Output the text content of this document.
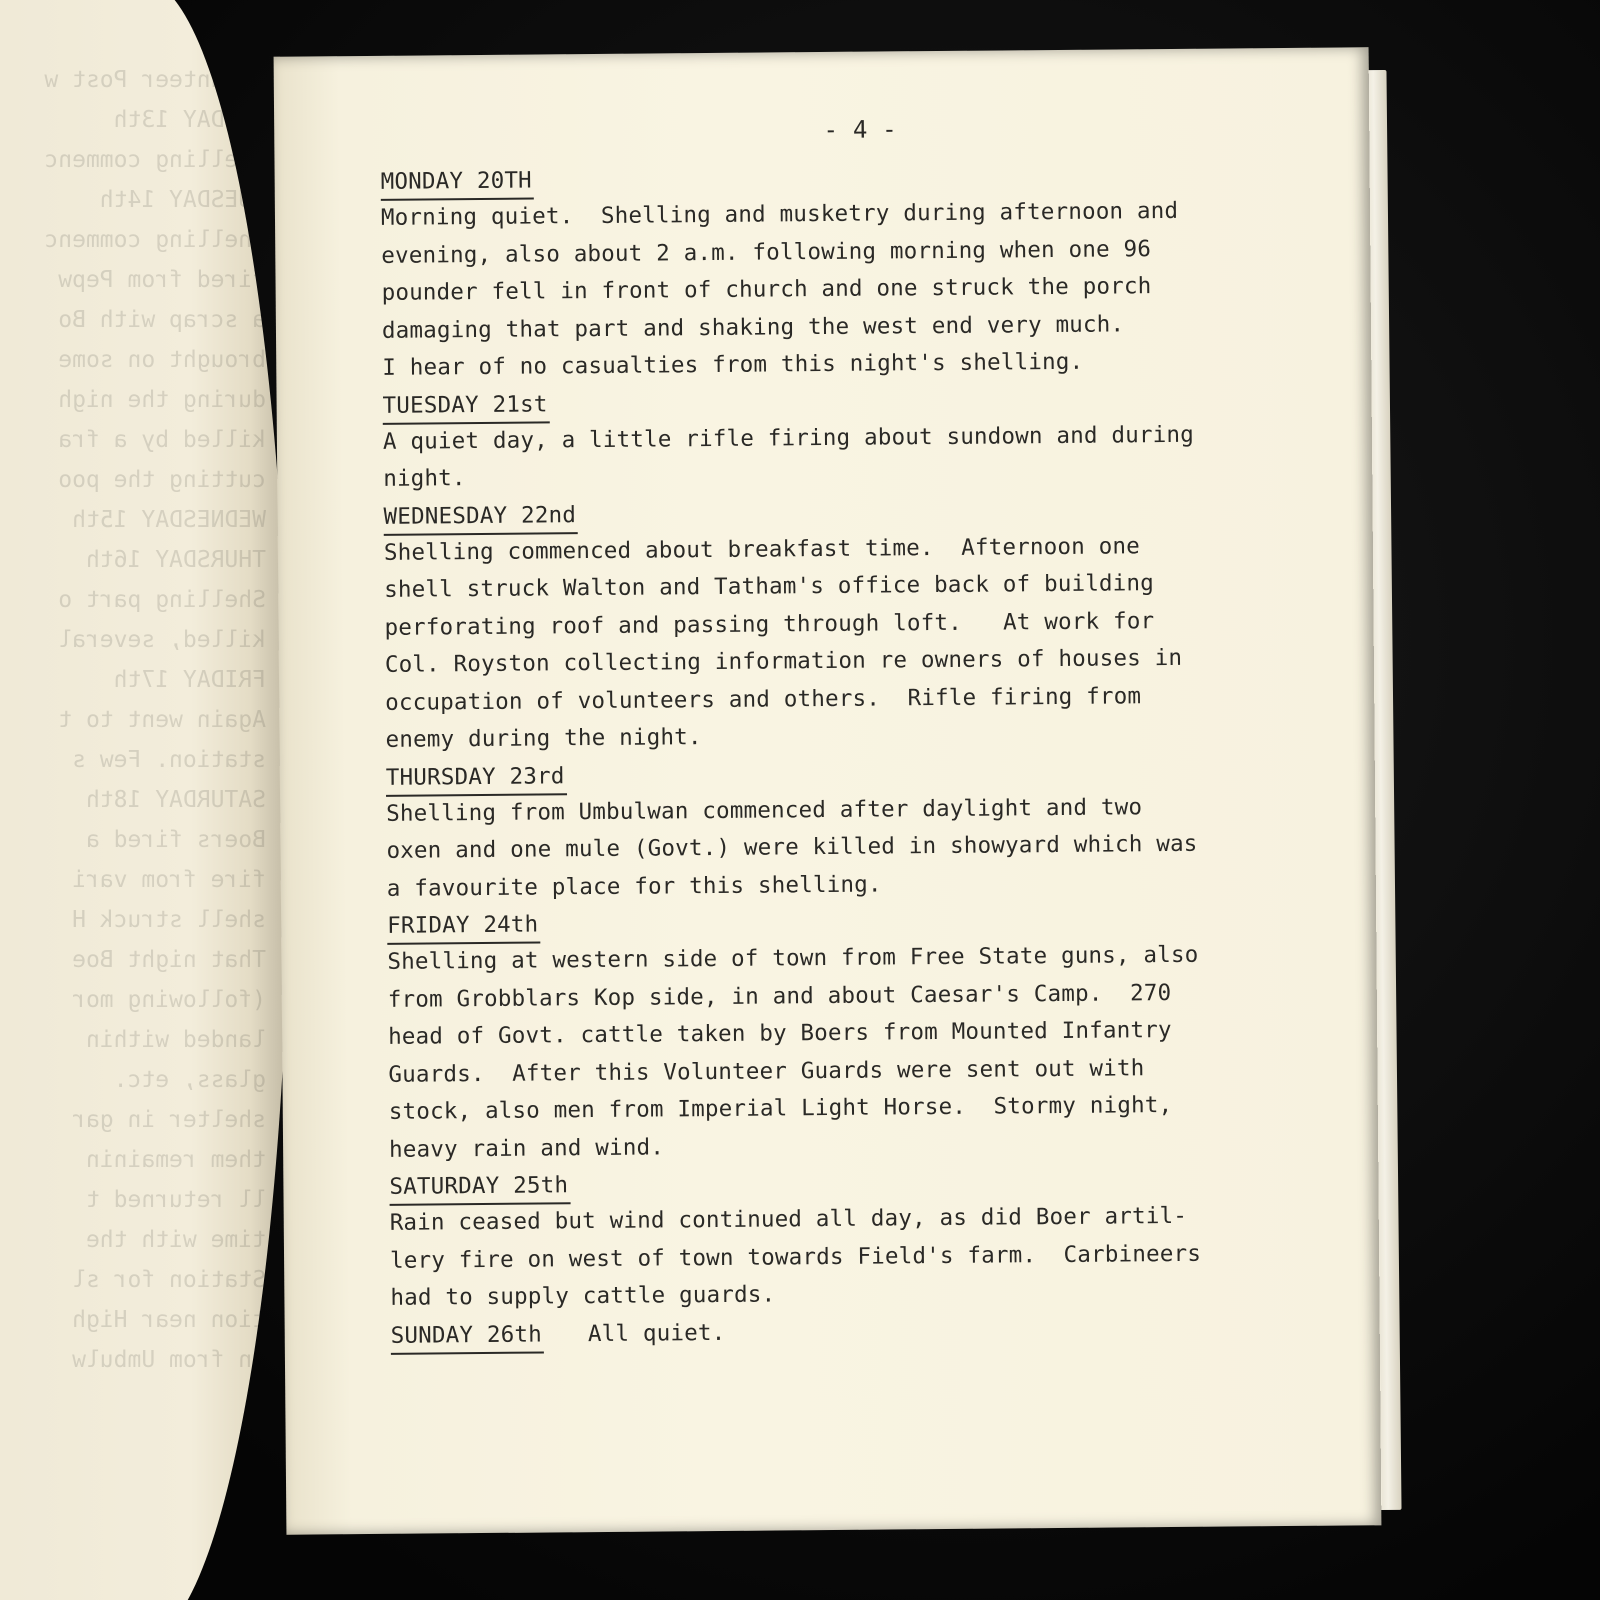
Volunteer Post w
MONDAY 13th
Shelling commenc
TUESDAY 14th
Shelling commenc
fired from Pepw
a scrap with Bo
brought on some
during the nigh
killed by a fra
cutting the poo
WEDNESDAY 15th
THURSDAY 16th
Shelling part o
killed, several
FRIDAY 17th
Again went to t
station. Few s
SATURDAY 18th
Boers fired a
fire from vari
shell struck H
That night Boe
(following mor
landed within
glass, etc.
shelter in gar
them remainin
ll returned t
time with the
Station for sl
tion near High
in from Umbulw
- 4 -
MONDAY 20TH
Morning quiet.  Shelling and musketry during afternoon and
evening, also about 2 a.m. following morning when one 96
pounder fell in front of church and one struck the porch
damaging that part and shaking the west end very much.
I hear of no casualties from this night's shelling.
TUESDAY 21st
A quiet day, a little rifle firing about sundown and during
night.
WEDNESDAY 22nd
Shelling commenced about breakfast time.  Afternoon one
shell struck Walton and Tatham's office back of building
perforating roof and passing through loft.   At work for
Col. Royston collecting information re owners of houses in
occupation of volunteers and others.  Rifle firing from
enemy during the night.
THURSDAY 23rd
Shelling from Umbulwan commenced after daylight and two
oxen and one mule (Govt.) were killed in showyard which was
a favourite place for this shelling.
FRIDAY 24th
Shelling at western side of town from Free State guns, also
from Grobblars Kop side, in and about Caesar's Camp.  270
head of Govt. cattle taken by Boers from Mounted Infantry
Guards.  After this Volunteer Guards were sent out with
stock, also men from Imperial Light Horse.  Stormy night,
heavy rain and wind.
SATURDAY 25th
Rain ceased but wind continued all day, as did Boer artil-
lery fire on west of town towards Field's farm.  Carbineers
had to supply cattle guards.
SUNDAY 26th All quiet.
